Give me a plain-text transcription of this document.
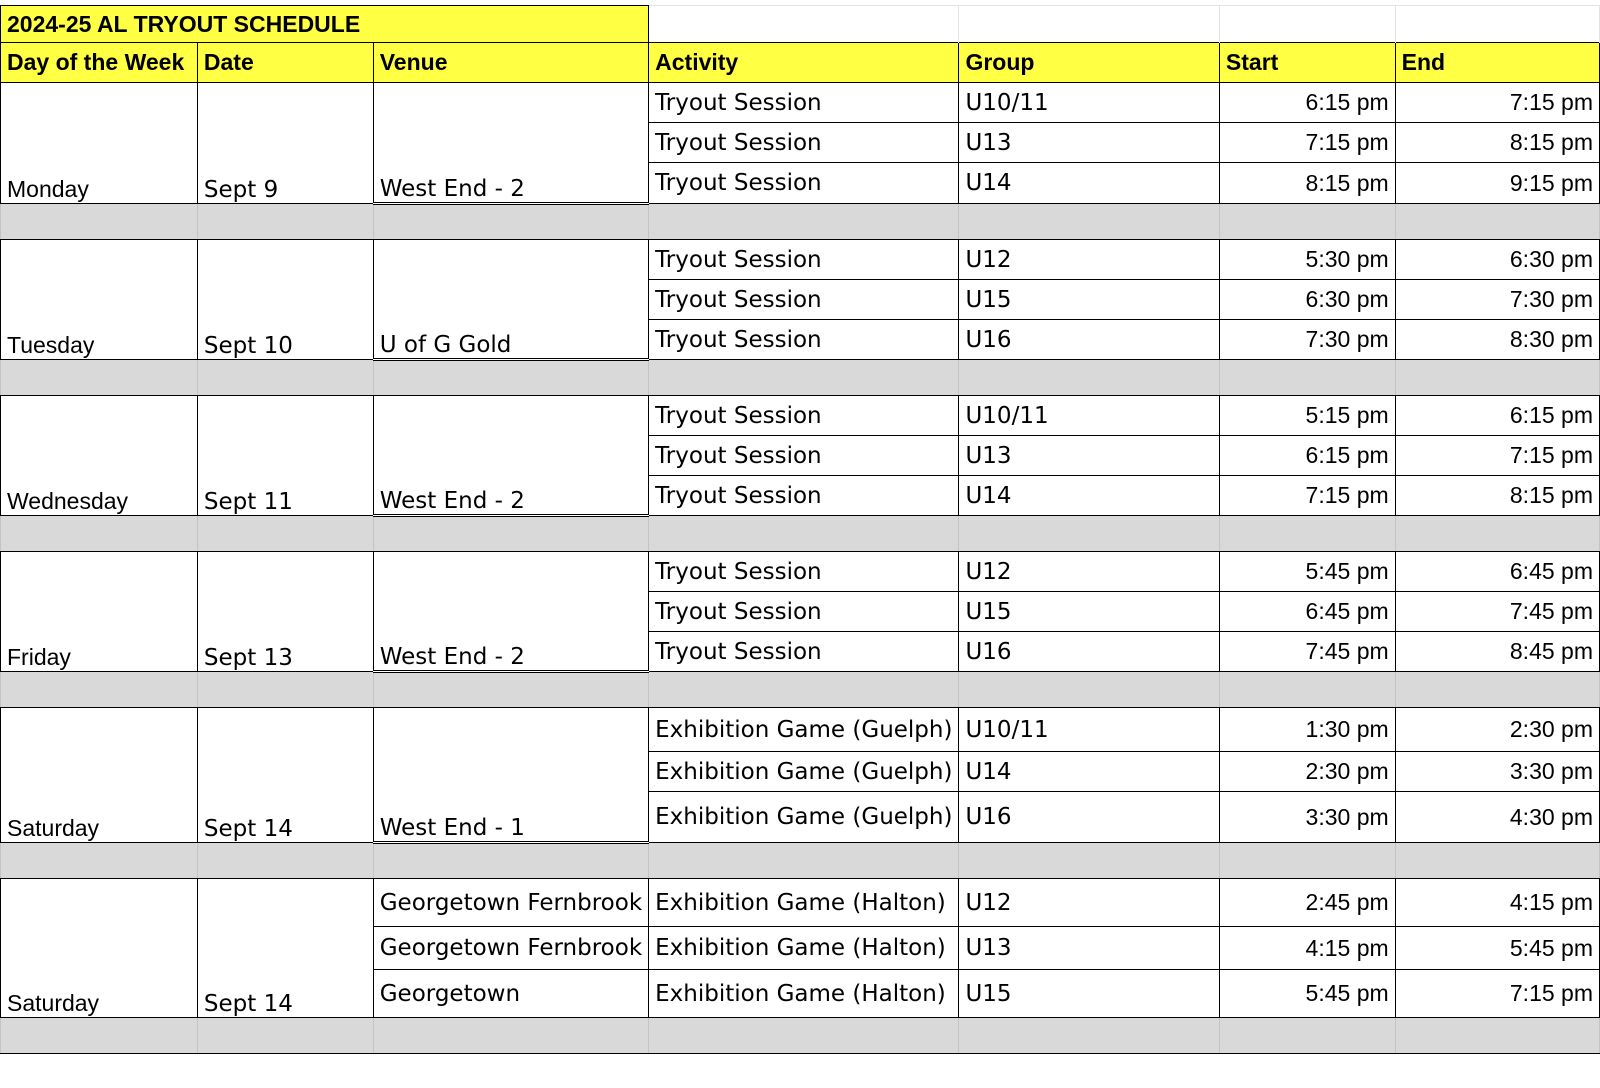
2024-25 AL TRYOUT SCHEDULE						
Day of the Week	Date	Venue	Activity	Group	Start	End
Monday	Sept 9	West End - 2	Tryout Session	U10/11	6:15 pm	7:15 pm
			Tryout Session	U13	7:15 pm	8:15 pm
			Tryout Session	U14	8:15 pm	9:15 pm

Tuesday	Sept 10	U of G Gold	Tryout Session	U12	5:30 pm	6:30 pm
			Tryout Session	U15	6:30 pm	7:30 pm
			Tryout Session	U16	7:30 pm	8:30 pm

Wednesday	Sept 11	West End - 2	Tryout Session	U10/11	5:15 pm	6:15 pm
			Tryout Session	U13	6:15 pm	7:15 pm
			Tryout Session	U14	7:15 pm	8:15 pm

Friday	Sept 13	West End - 2	Tryout Session	U12	5:45 pm	6:45 pm
			Tryout Session	U15	6:45 pm	7:45 pm
			Tryout Session	U16	7:45 pm	8:45 pm

Saturday	Sept 14	West End - 1	Exhibition Game (Guelph)	U10/11	1:30 pm	2:30 pm
			Exhibition Game (Guelph)	U14	2:30 pm	3:30 pm
			Exhibition Game (Guelph)	U16	3:30 pm	4:30 pm

Saturday	Sept 14	Georgetown Fernbrook	Exhibition Game (Halton)	U12	2:45 pm	4:15 pm
		Georgetown Fernbrook	Exhibition Game (Halton)	U13	4:15 pm	5:45 pm
		Georgetown	Exhibition Game (Halton)	U15	5:45 pm	7:15 pm
